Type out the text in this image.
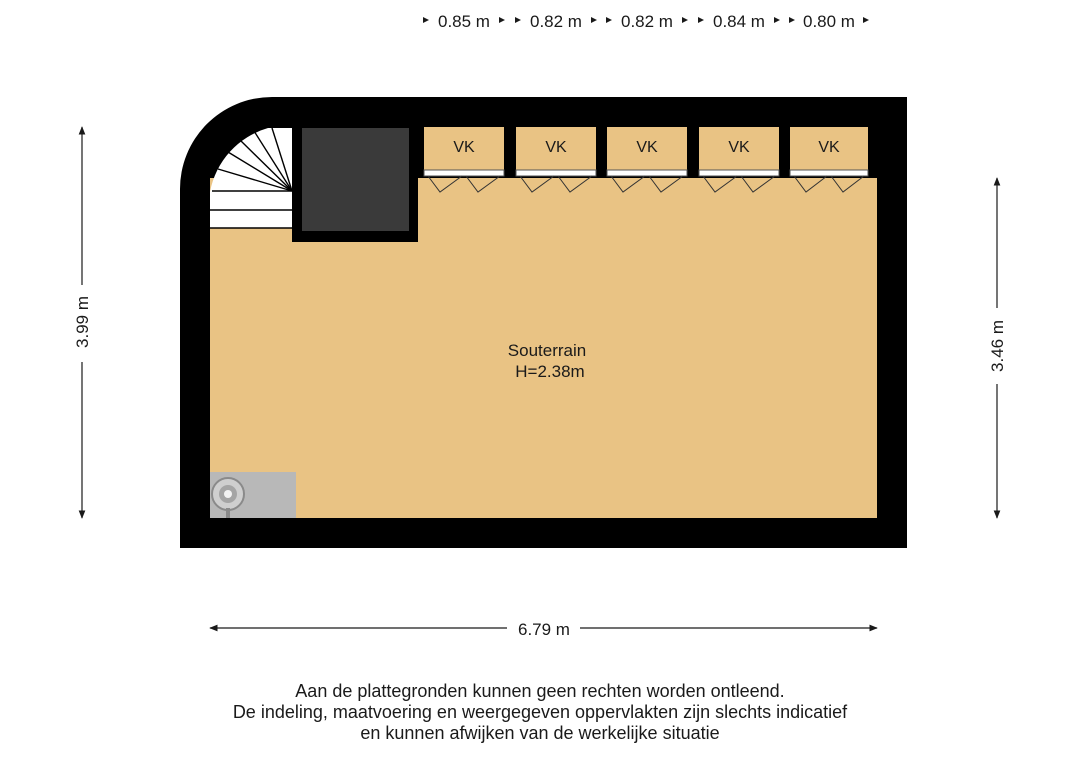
Souterrain
H=2.38m
VK	VK	VK	VK	VK
0.85 m 0.82 m 0.82 m 0.84 m 0.80 m
3.99 m	3.46 m
6.79 m
Aan de plattegronden kunnen geen rechten worden ontleend.
De indeling, maatvoering en weergegeven oppervlakten zijn slechts indicatief
en kunnen afwijken van de werkelijke situatie
